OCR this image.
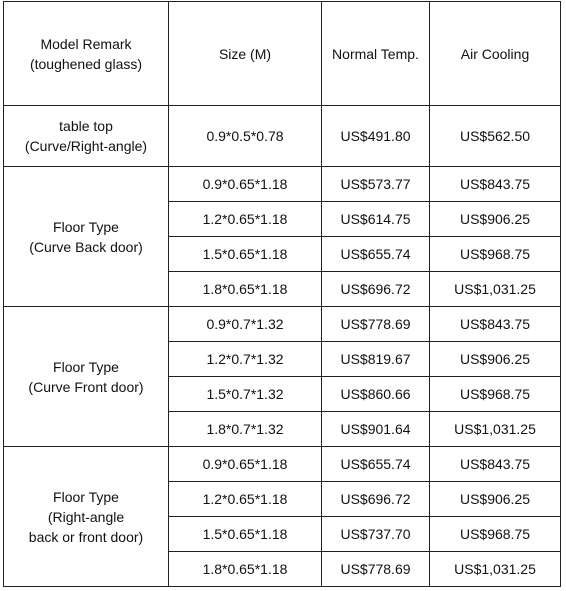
Model Remark
(toughened glass)	Size (M)	Normal Temp.	Air Cooling

table top
(Curve/Right-angle)	0.9*0.5*0.78	US$491.80	US$562.50

Floor Type
(Curve Back door)	0.9*0.65*1.18	US$573.77	US$843.75
	1.2*0.65*1.18	US$614.75	US$906.25
	1.5*0.65*1.18	US$655.74	US$968.75
	1.8*0.65*1.18	US$696.72	US$1,031.25

Floor Type
(Curve Front door)	0.9*0.7*1.32	US$778.69	US$843.75
	1.2*0.7*1.32	US$819.67	US$906.25
	1.5*0.7*1.32	US$860.66	US$968.75
	1.8*0.7*1.32	US$901.64	US$1,031.25

Floor Type
(Right-angle
back or front door)	0.9*0.65*1.18	US$655.74	US$843.75
	1.2*0.65*1.18	US$696.72	US$906.25
	1.5*0.65*1.18	US$737.70	US$968.75
	1.8*0.65*1.18	US$778.69	US$1,031.25
